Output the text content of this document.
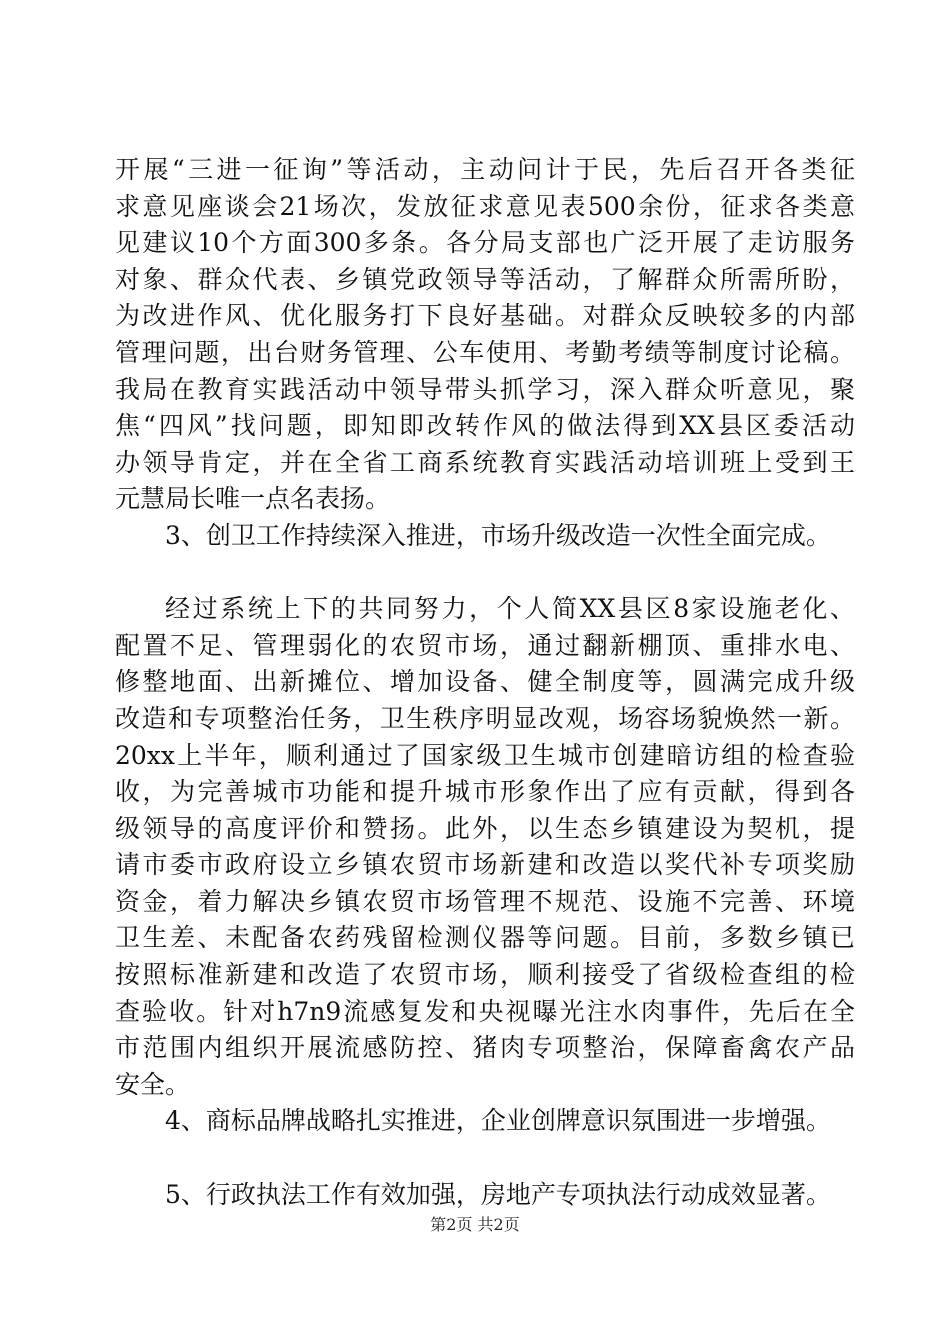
开展“三进一征询”等活动，主动问计于民，先后召开各类征
求意见座谈会21场次，发放征求意见表500余份，征求各类意
见建议10个方面300多条。各分局支部也广泛开展了走访服务
对象、群众代表、乡镇党政领导等活动，了解群众所需所盼，
为改进作风、优化服务打下良好基础。对群众反映较多的内部
管理问题，出台财务管理、公车使用、考勤考绩等制度讨论稿。
我局在教育实践活动中领导带头抓学习，深入群众听意见，聚
焦“四风”找问题，即知即改转作风的做法得到XX县区委活动
办领导肯定，并在全省工商系统教育实践活动培训班上受到王
元慧局长唯一点名表扬。
3、创卫工作持续深入推进，市场升级改造一次性全面完成。
经过系统上下的共同努力，个人简XX县区8家设施老化、
配置不足、管理弱化的农贸市场，通过翻新棚顶、重排水电、
修整地面、出新摊位、增加设备、健全制度等，圆满完成升级
改造和专项整治任务，卫生秩序明显改观，场容场貌焕然一新。
20xx上半年，顺利通过了国家级卫生城市创建暗访组的检查验
收，为完善城市功能和提升城市形象作出了应有贡献，得到各
级领导的高度评价和赞扬。此外，以生态乡镇建设为契机，提
请市委市政府设立乡镇农贸市场新建和改造以奖代补专项奖励
资金，着力解决乡镇农贸市场管理不规范、设施不完善、环境
卫生差、未配备农药残留检测仪器等问题。目前，多数乡镇已
按照标准新建和改造了农贸市场，顺利接受了省级检查组的检
查验收。针对h7n9流感复发和央视曝光注水肉事件，先后在全
市范围内组织开展流感防控、猪肉专项整治，保障畜禽农产品
安全。
4、商标品牌战略扎实推进，企业创牌意识氛围进一步增强。
5、行政执法工作有效加强，房地产专项执法行动成效显著。
第2页 共2页
